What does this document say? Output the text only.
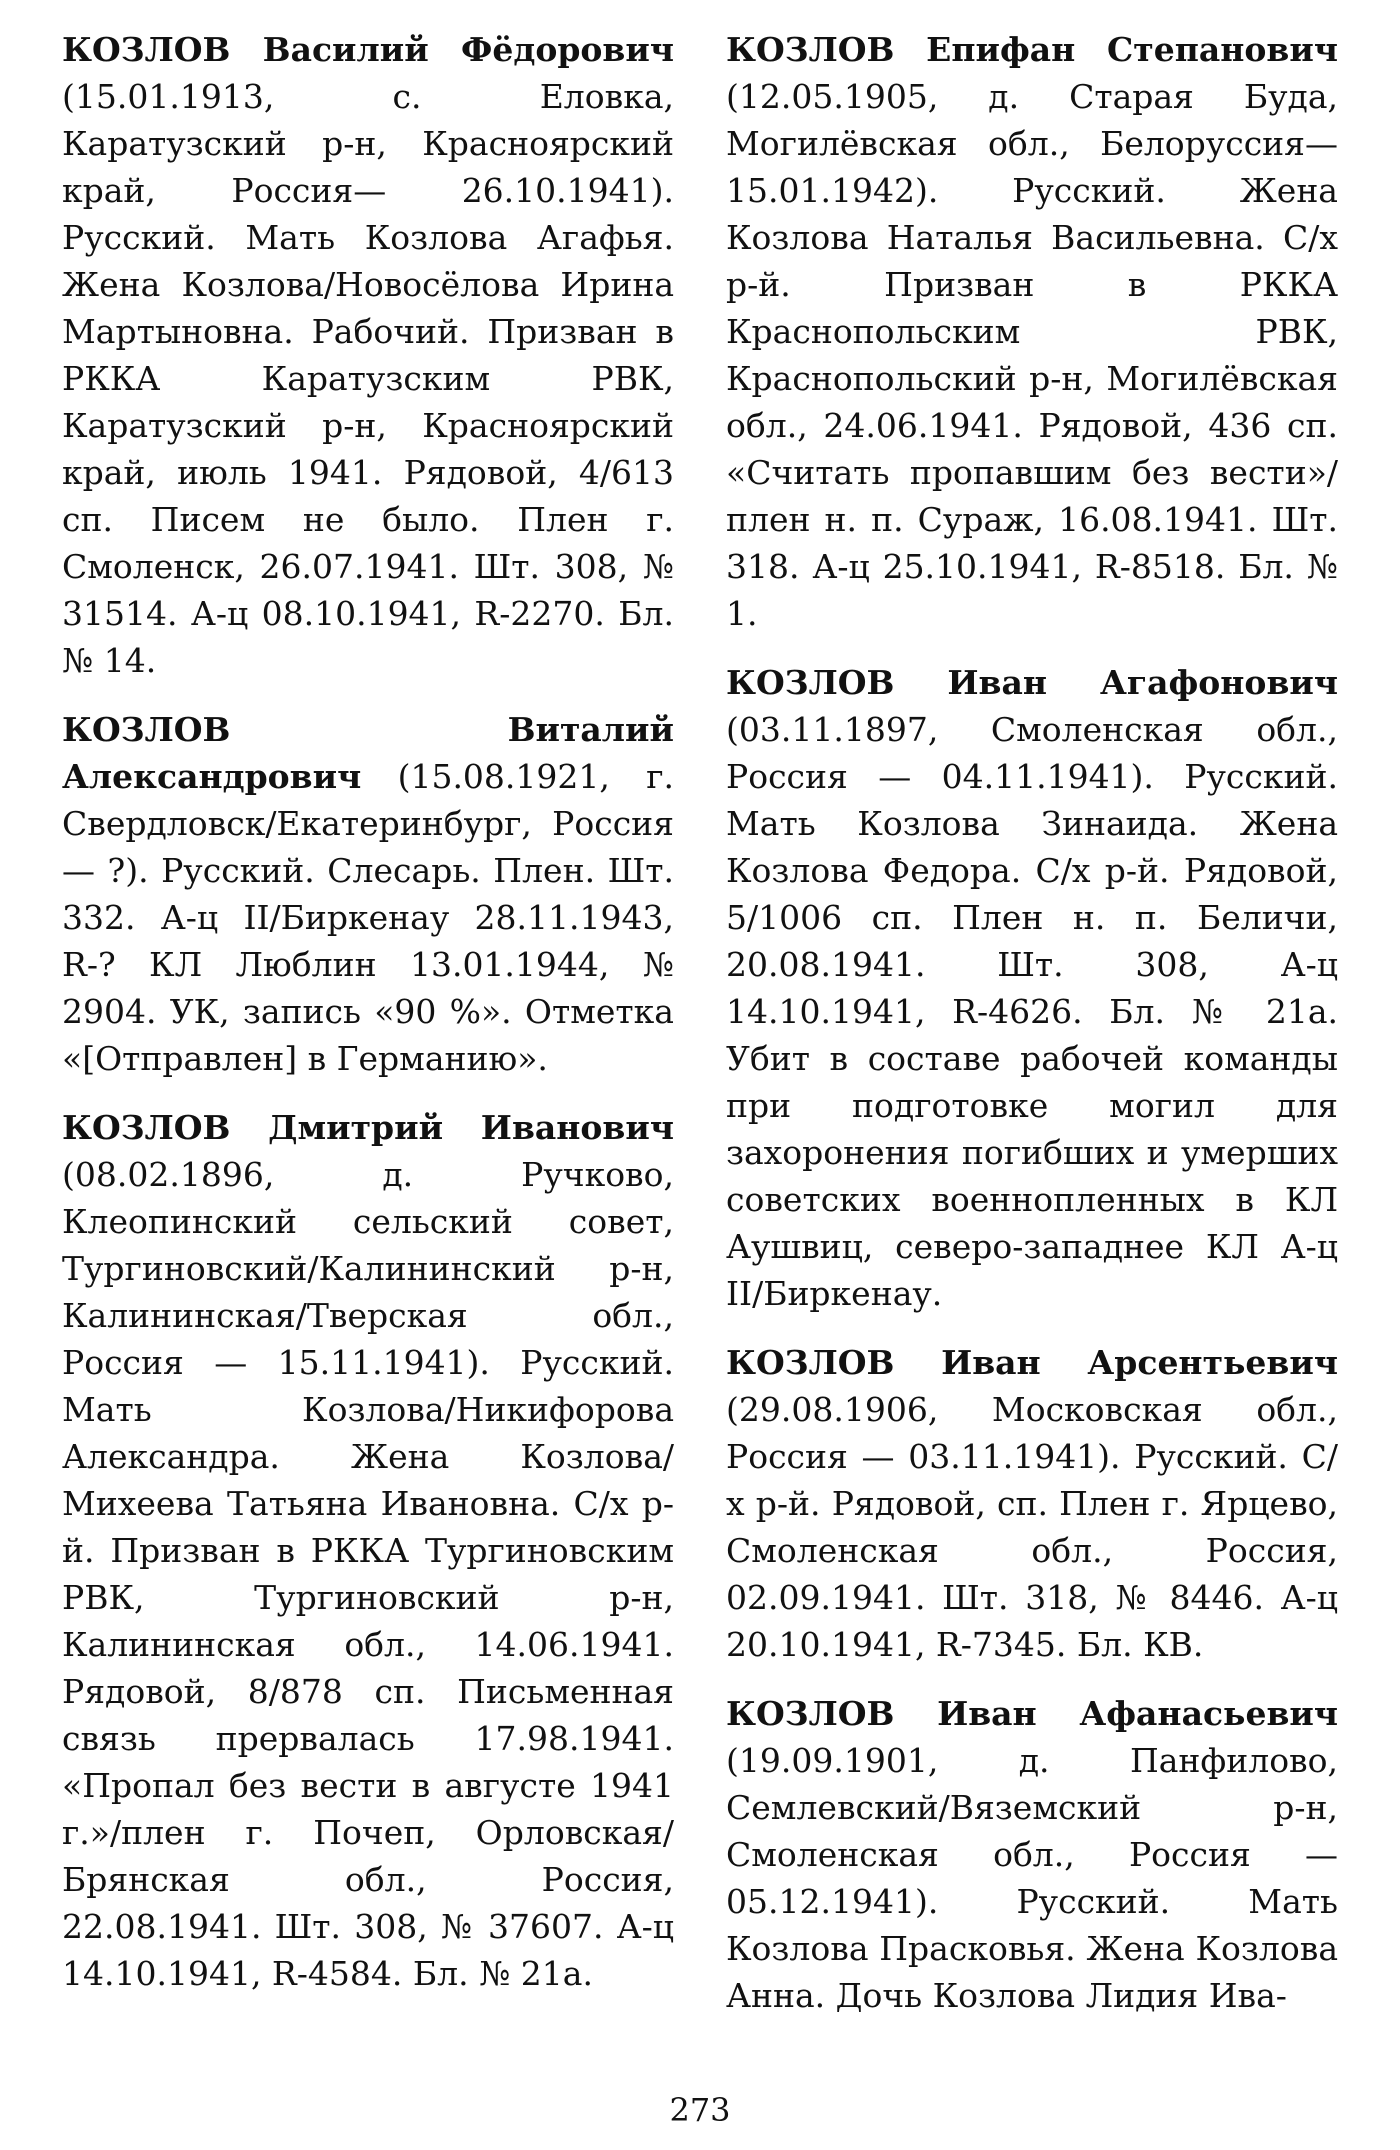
КОЗЛОВ Василий Фёдорович (15.01.1913, с. Еловка, Каратузский р-н, Красноярский край, Россия— 26.10.1941). Русский. Мать Козлова Агафья. Жена Козлова/Новосёлова Ирина Мартыновна. Рабочий. Призван в РККА Каратузским РВК, Каратузский р-н, Красноярский край, июль 1941. Рядовой, 4/613 сп. Писем не было. Плен г. Смоленск, 26.07.1941. Шт. 308, № 31514. А-ц 08.10.1941, R-2270. Бл. № 14.

КОЗЛОВ Виталий Александрович (15.08.1921, г. Свердловск/Екатеринбург, Россия — ?). Русский. Слесарь. Плен. Шт. 332. А-ц II/Биркенау 28.11.1943, R-? КЛ Люблин 13.01.1944, № 2904. УК, запись «90 %». Отметка «[Отправлен] в Германию».

КОЗЛОВ Дмитрий Иванович (08.02.1896, д. Ручково, Клеопинский сельский совет, Тургиновский/Калининский р-н, Калининская/Тверская обл., Россия — 15.11.1941). Русский. Мать Козлова/Никифорова Александра. Жена Козлова/Михеева Татьяна Ивановна. С/х р-й. Призван в РККА Тургиновским РВК, Тургиновский р-н, Калининская обл., 14.06.1941. Рядовой, 8/878 сп. Письменная связь прервалась 17.98.1941. «Пропал без вести в августе 1941 г.»/плен г. Почеп, Орловская/Брянская обл., Россия, 22.08.1941. Шт. 308, № 37607. А-ц 14.10.1941, R-4584. Бл. № 21а.

КОЗЛОВ Епифан Степанович (12.05.1905, д. Старая Буда, Могилёвская обл., Белоруссия— 15.01.1942). Русский. Жена Козлова Наталья Васильевна. С/х р-й. Призван в РККА Краснопольским РВК, Краснопольский р-н, Могилёвская обл., 24.06.1941. Рядовой, 436 сп. «Считать пропавшим без вести»/плен н. п. Сураж, 16.08.1941. Шт. 318. А-ц 25.10.1941, R-8518. Бл. № 1.

КОЗЛОВ Иван Агафонович (03.11.1897, Смоленская обл., Россия — 04.11.1941). Русский. Мать Козлова Зинаида. Жена Козлова Федора. С/х р-й. Рядовой, 5/1006 сп. Плен н. п. Беличи, 20.08.1941. Шт. 308, А-ц 14.10.1941, R-4626. Бл. № 21а. Убит в составе рабочей команды при подготовке могил для захоронения погибших и умерших советских военнопленных в КЛ Аушвиц, северо-западнее КЛ А-ц II/Биркенау.

КОЗЛОВ Иван Арсентьевич (29.08.1906, Московская обл., Россия — 03.11.1941). Русский. С/х р-й. Рядовой, сп. Плен г. Ярцево, Смоленская обл., Россия, 02.09.1941. Шт. 318, № 8446. А-ц 20.10.1941, R-7345. Бл. КВ.

КОЗЛОВ Иван Афанасьевич (19.09.1901, д. Панфилово, Семлевский/Вяземский р-н, Смоленская обл., Россия — 05.12.1941). Русский. Мать Козлова Прасковья. Жена Козлова Анна. Дочь Козлова Лидия Ива-

273
